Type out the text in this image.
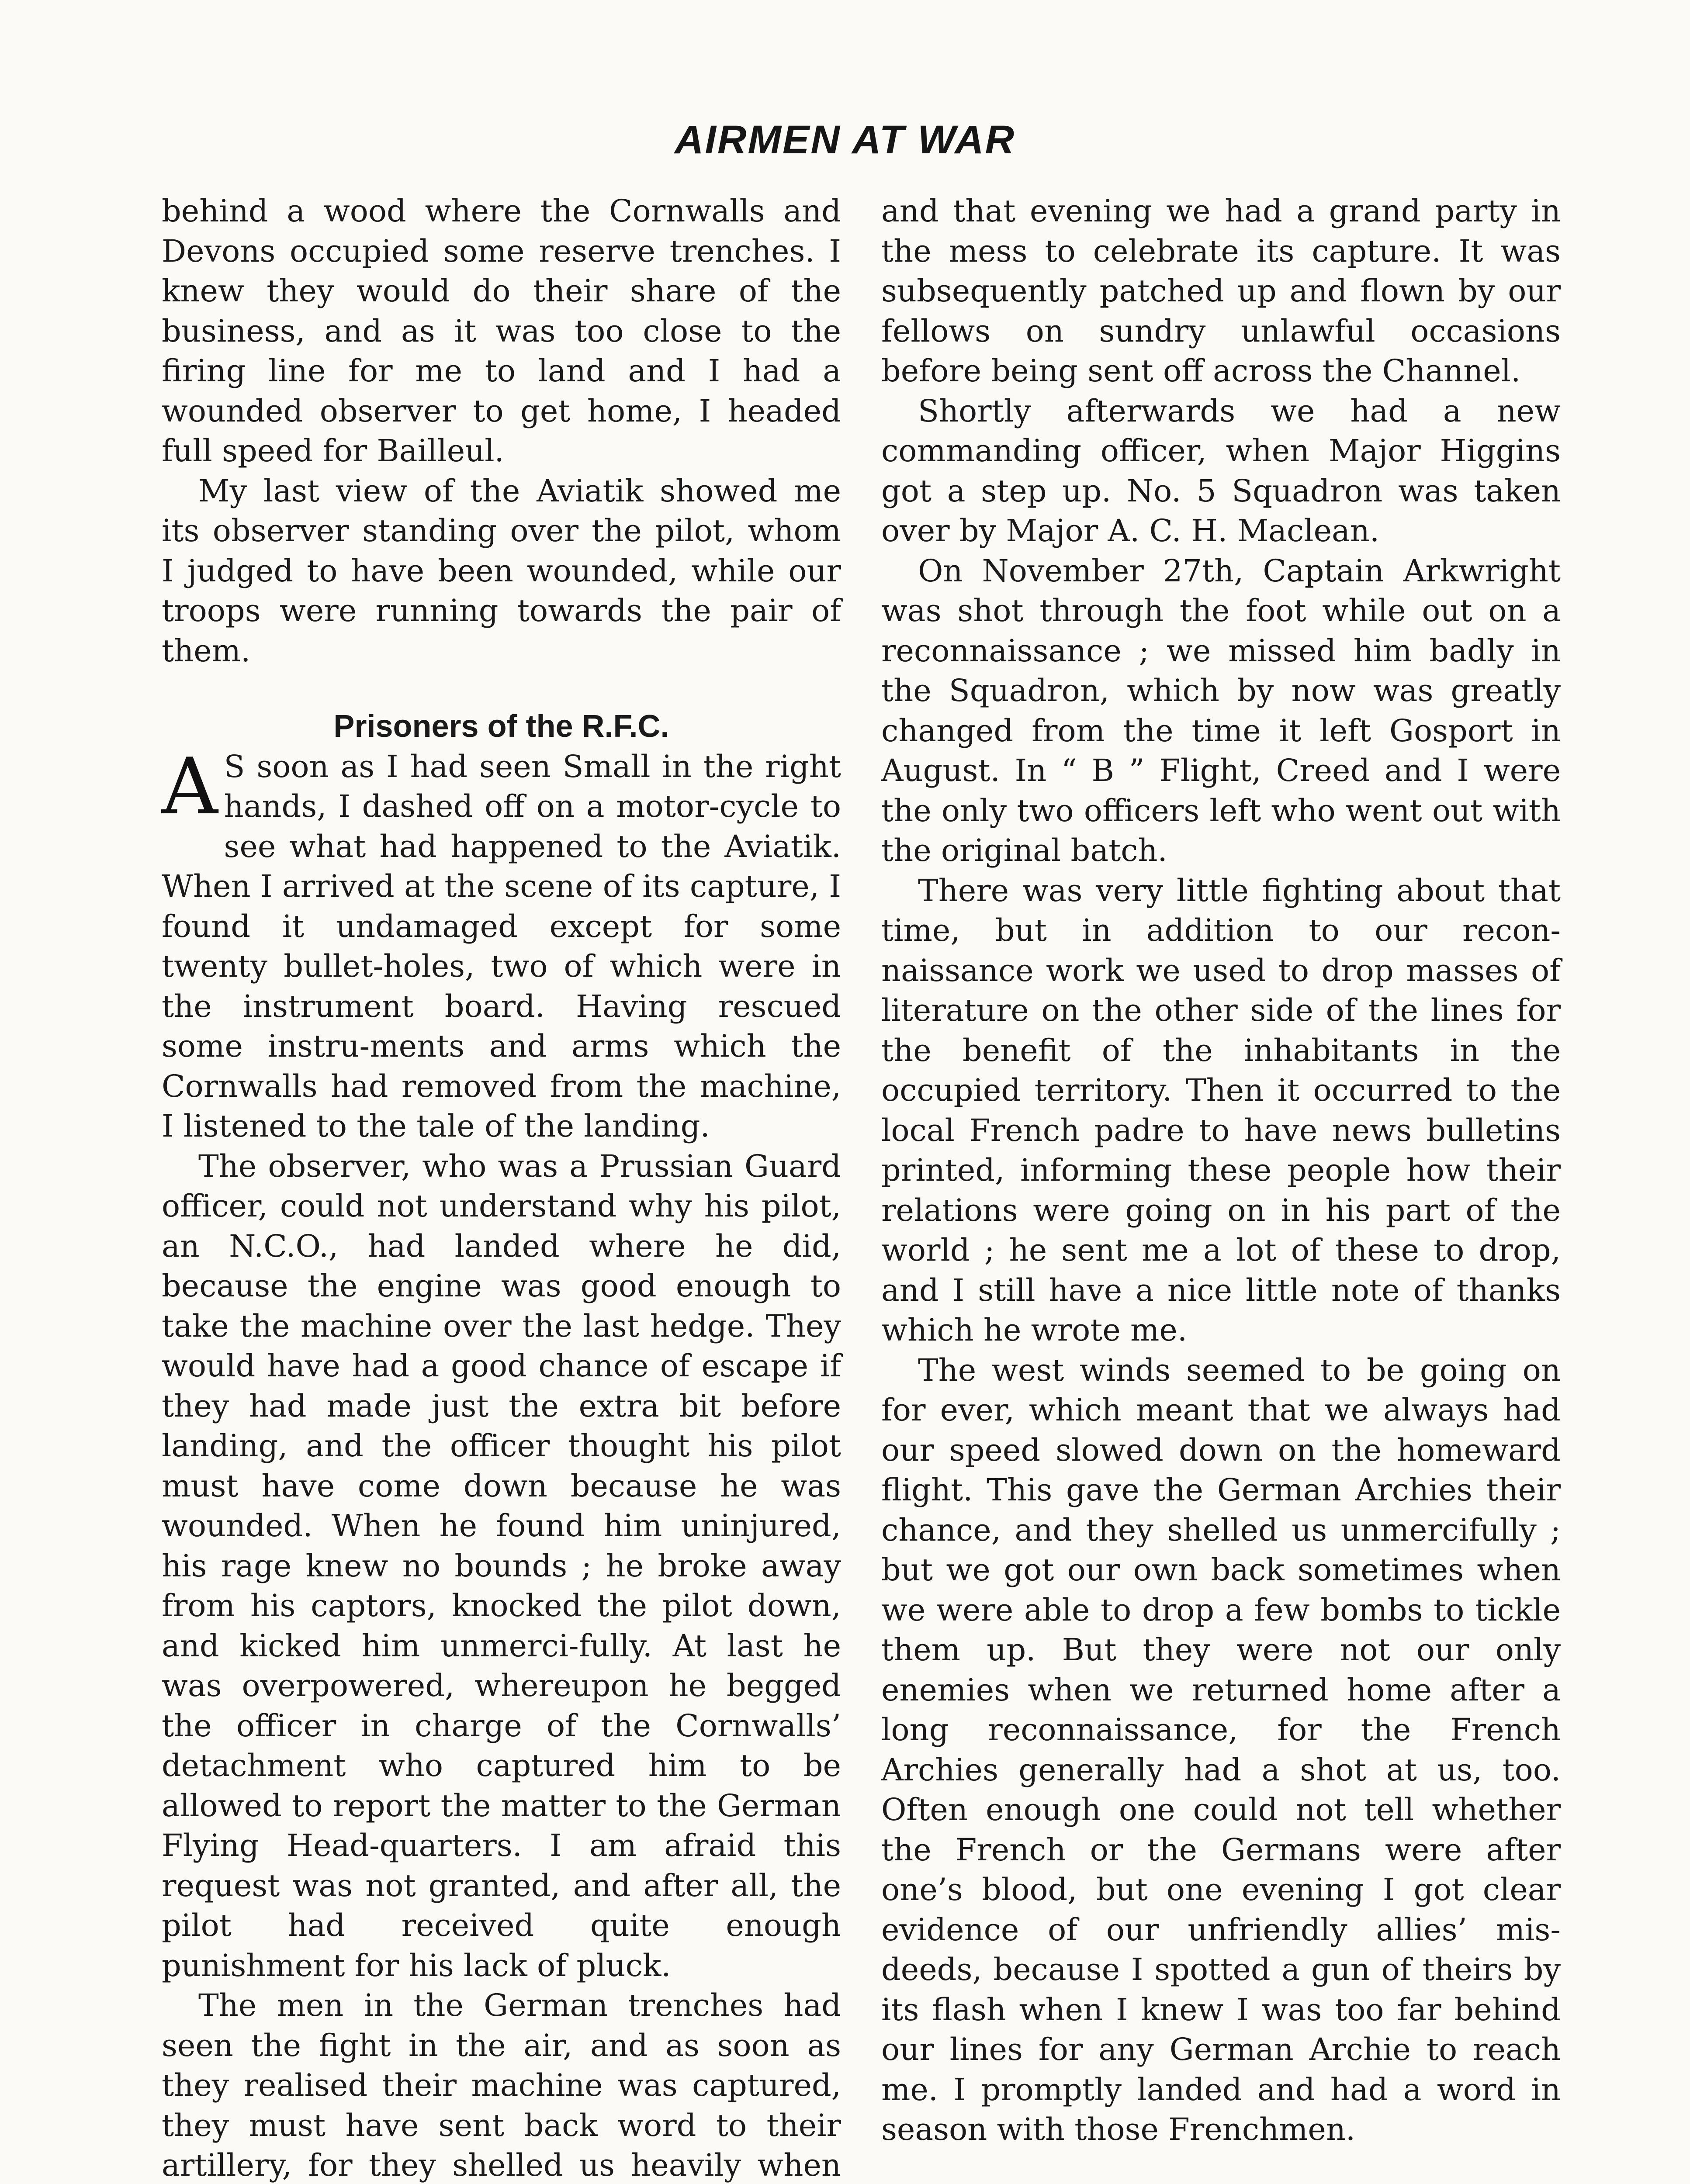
AIRMEN AT WAR

behind a wood where the Cornwalls and Devons occupied some reserve trenches. I knew they would do their share of the business, and as it was too close to the firing line for me to land and I had a wounded observer to get home, I headed full speed for Bailleul.

My last view of the Aviatik showed me its observer standing over the pilot, whom I judged to have been wounded, while our troops were running towards the pair of them.

Prisoners of the R.F.C.

A S soon as I had seen Small in the right hands, I dashed off on a motor-cycle to see what had happened to the Aviatik. When I arrived at the scene of its capture, I found it undamaged except for some twenty bullet-holes, two of which were in the instrument board. Having rescued some instru-ments and arms which the Cornwalls had removed from the machine, I listened to the tale of the landing.

The observer, who was a Prussian Guard officer, could not understand why his pilot, an N.C.O., had landed where he did, because the engine was good enough to take the machine over the last hedge. They would have had a good chance of escape if they had made just the extra bit before landing, and the officer thought his pilot must have come down because he was wounded. When he found him uninjured, his rage knew no bounds ; he broke away from his captors, knocked the pilot down, and kicked him unmerci-fully. At last he was overpowered, whereupon he begged the officer in charge of the Cornwalls’ detachment who captured him to be allowed to report the matter to the German Flying Head-quarters. I am afraid this request was not granted, and after all, the pilot had received quite enough punishment for his lack of pluck.

The men in the German trenches had seen the fight in the air, and as soon as they realised their machine was captured, they must have sent back word to their artillery, for they shelled us heavily when

and that evening we had a grand party in the mess to celebrate its capture. It was subsequently patched up and flown by our fellows on sundry unlawful occasions before being sent off across the Channel.

Shortly afterwards we had a new commanding officer, when Major Higgins got a step up. No. 5 Squadron was taken over by Major A. C. H. Maclean.

On November 27th, Captain Arkwright was shot through the foot while out on a reconnaissance ; we missed him badly in the Squadron, which by now was greatly changed from the time it left Gosport in August. In “ B ” Flight, Creed and I were the only two officers left who went out with the original batch.

There was very little fighting about that time, but in addition to our recon-naissance work we used to drop masses of literature on the other side of the lines for the benefit of the inhabitants in the occupied territory. Then it occurred to the local French padre to have news bulletins printed, informing these people how their relations were going on in his part of the world ; he sent me a lot of these to drop, and I still have a nice little note of thanks which he wrote me.

The west winds seemed to be going on for ever, which meant that we always had our speed slowed down on the homeward flight. This gave the German Archies their chance, and they shelled us unmercifully ; but we got our own back sometimes when we were able to drop a few bombs to tickle them up. But they were not our only enemies when we returned home after a long reconnaissance, for the French Archies generally had a shot at us, too. Often enough one could not tell whether the French or the Germans were after one’s blood, but one evening I got clear evidence of our unfriendly allies’ mis-deeds, because I spotted a gun of theirs by its flash when I knew I was too far behind our lines for any German Archie to reach me. I promptly landed and had a word in season with those Frenchmen.
